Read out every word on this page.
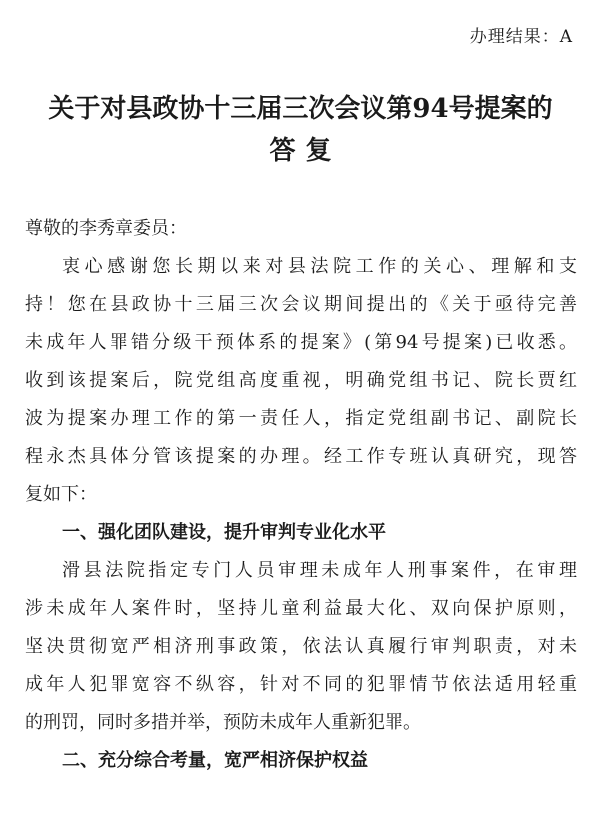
办理结果：A
关于对县政协十三届三次会议第94号提案的
答复
尊敬的李秀章委员：
衷心感谢您长期以来对县法院工作的关心、理解和支
持！您在县政协十三届三次会议期间提出的《关于亟待完善
未成年人罪错分级干预体系的提案》(第94号提案)已收悉。
收到该提案后，院党组高度重视，明确党组书记、院长贾红
波为提案办理工作的第一责任人，指定党组副书记、副院长
程永杰具体分管该提案的办理。经工作专班认真研究，现答
复如下：
一、强化团队建设，提升审判专业化水平
滑县法院指定专门人员审理未成年人刑事案件，在审理
涉未成年人案件时，坚持儿童利益最大化、双向保护原则，
坚决贯彻宽严相济刑事政策，依法认真履行审判职责，对未
成年人犯罪宽容不纵容，针对不同的犯罪情节依法适用轻重
的刑罚，同时多措并举，预防未成年人重新犯罪。
二、充分综合考量，宽严相济保护权益
